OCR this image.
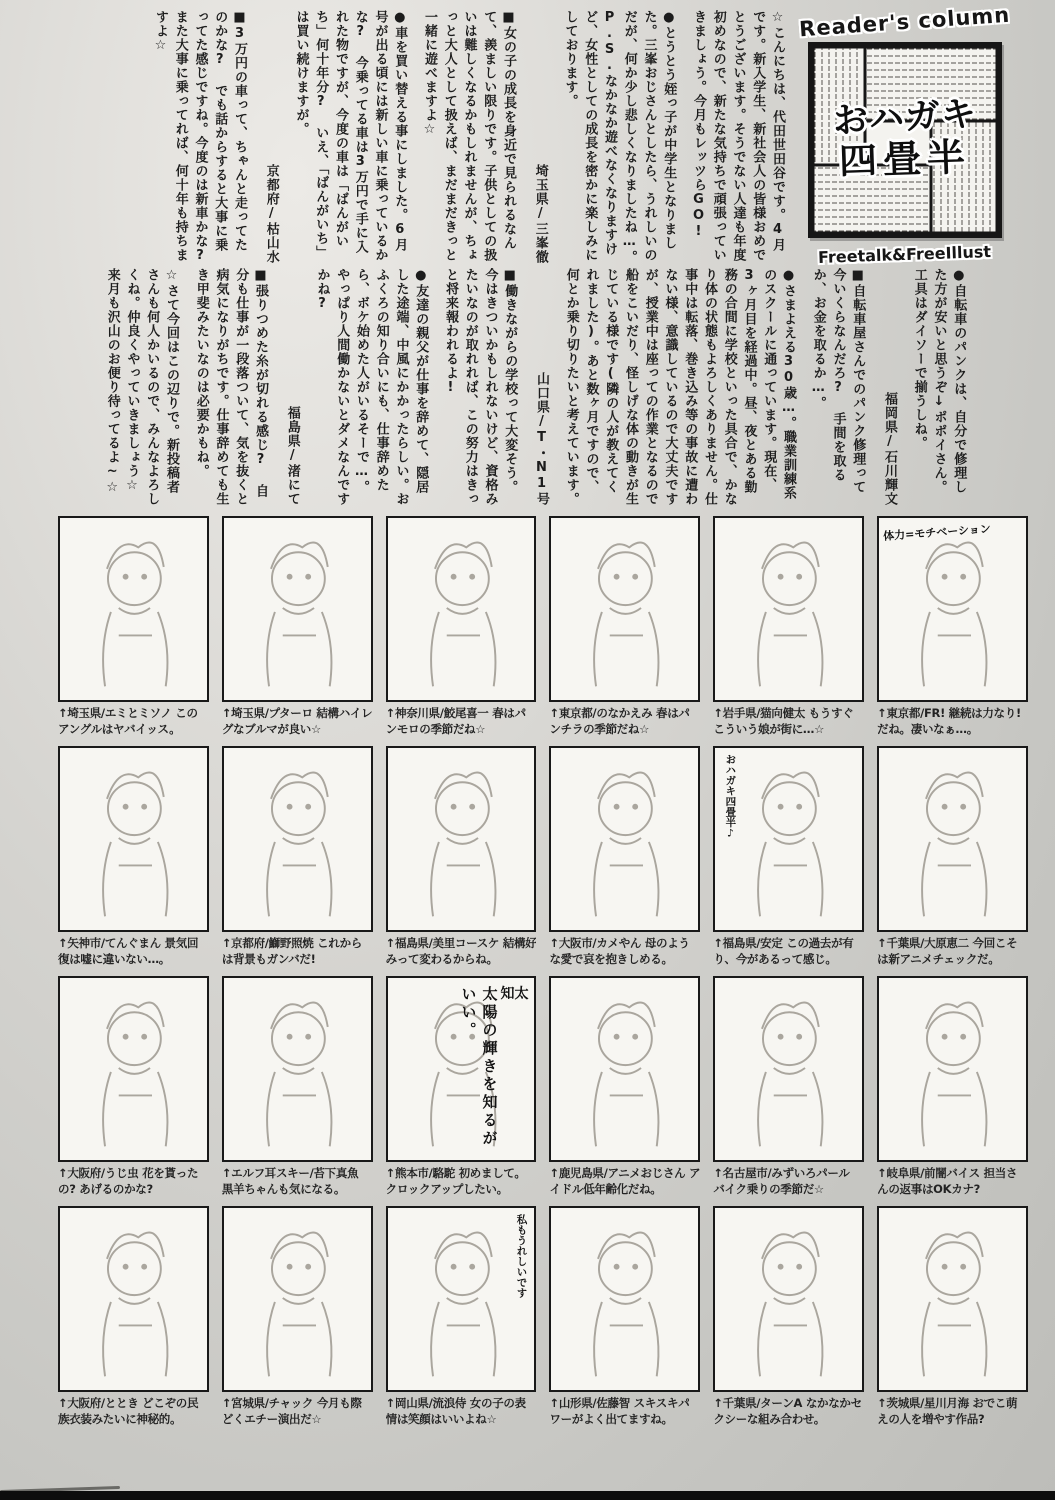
☆こんにちは、代田世田谷です。4月です。新入学生、新社会人の皆様おめでとうございます。そうでない人達も年度初めなので、新たな気持ちで頑張っていきましょう。今月もレッツらGO!

●とうとう姪っ子が中学生となりました。三峯おじさんとしたら、うれしいのだが、何か少し悲しくなりましたね…。P.S.なかなか遊べなくなりますけど、女性としての成長を密かに楽しみにしております。

埼玉県/三峯徹

■女の子の成長を身近で見られるなんて、羨ましい限りです。子供としての扱いは難しくなるかもしれませんが、ちょっと大人として扱えば、まだまだきっと一緒に遊べますよ☆

●車を買い替える事にしました。6月号が出る頃には新しい車に乗っているかな? 今乗ってる車は3万円で手に入れた物ですが、今度の車は「ばんがいち」何十年分? いえ、「ばんがいち」は買い続けますが。

京都府/枯山水

■3万円の車って、ちゃんと走ってたのかな? でも話からすると大事に乗ってた感じですね。今度のは新車かな? また大事に乗ってれば、何十年も持ちますよ☆	Reader's column
おハガキ
四畳半
Freetalk&FreeIllust

●自転車のパンクは、自分で修理した方が安いと思うぞ↓ポポイさん。工具はダイソーで揃うしね。

福岡県/石川輝文

■自転車屋さんでのパンク修理って今いくらなんだろ? 手間を取るか、お金を取るか…。

●さまよえる30歳…。職業訓練系のスクールに通っています。現在、3ヶ月目を経過中。昼、夜とある勤務の合間に学校といった具合で、かなり体の状態もよろしくありません。仕事中は転落、巻き込み等の事故に遭わない様、意識しているので大丈夫ですが、授業中は座っての作業となるので船をこいだり、怪しげな体の動きが生じている様です(隣の人が教えてくれました)。あと数ヶ月ですので、何とか乗り切りたいと考えています。

山口県/T・N1号

■働きながらの学校って大変そう。今はきついかもしれないけど、資格みたいなのが取れれば、この努力はきっと将来報われるよ!

●友達の親父が仕事を辞めて、隠居した途端、中風にかかったらしい。おふくろの知り合いにも、仕事辞めたら、ボケ始めた人がいるそーで…。やっぱり人間働かないとダメなんですかね?

福島県/渚にて

■張りつめた糸が切れる感じ? 自分も仕事が一段落ついて、気を抜くと病気になりがちです。仕事辞めても生き甲斐みたいなのは必要かもね。

☆さて今回はこの辺りで。新投稿者さんも何人かいるので、みんなよろしくね。仲良くやっていきましょう☆ 来月も沢山のお便り待ってるよ~☆

↑埼玉県/エミとミソノ このアングルはヤバイッス。
↑埼玉県/プターロ 結構ハイレグなブルマが良い☆
↑神奈川県/鮫尾喜一 春はパンモロの季節だね☆
↑東京都/のなかえみ 春はパンチラの季節だね☆
↑岩手県/猫向健太 もうすぐこういう娘が街に…☆
体力=モチベーション
↑東京都/FR! 継続は力なり! だね。凄いなぁ…。
↑矢神市/てんぐまん 景気回復は嘘に違いない…。
↑京都府/鰤野照焼 これからは背景もガンバだ!
↑福島県/美里コースケ 結構好みって変わるからね。
↑大阪市/カメやん 母のような愛で哀を抱きしめる。
おハガキ四畳半♪
↑福島県/安定 この過去が有り、今があるって感じ。
↑千葉県/大原恵二 今回こそは新アニメチェックだ。
↑大阪府/うじ虫 花を貰ったの? あげるのかな?
↑エルフ耳スキー/苔下真魚 黒羊ちゃんも気になる。
知太
太陽の輝きを知るがいい。
↑熊本市/駱駝 初めまして。クロックアップしたい。
↑鹿児島県/アニメおじさん アイドル低年齢化だね。
↑名古屋市/みずいろパール バイク乗りの季節だ☆
↑岐阜県/前闇バイス 担当さんの返事はOKカナ?
↑大阪府/ととき どこぞの民族衣装みたいに神秘的。
↑宮城県/チャック 今月も際どくエチー演出だ☆
私もうれしいです
↑岡山県/流浪侍 女の子の表情は笑顔はいいよね☆
↑山形県/佐藤智 スキスキパワーがよく出てますね。
↑千葉県/ターンA なかなかセクシーな組み合わせ。
↑茨城県/星川月海 おでこ萌えの人を増やす作品?
